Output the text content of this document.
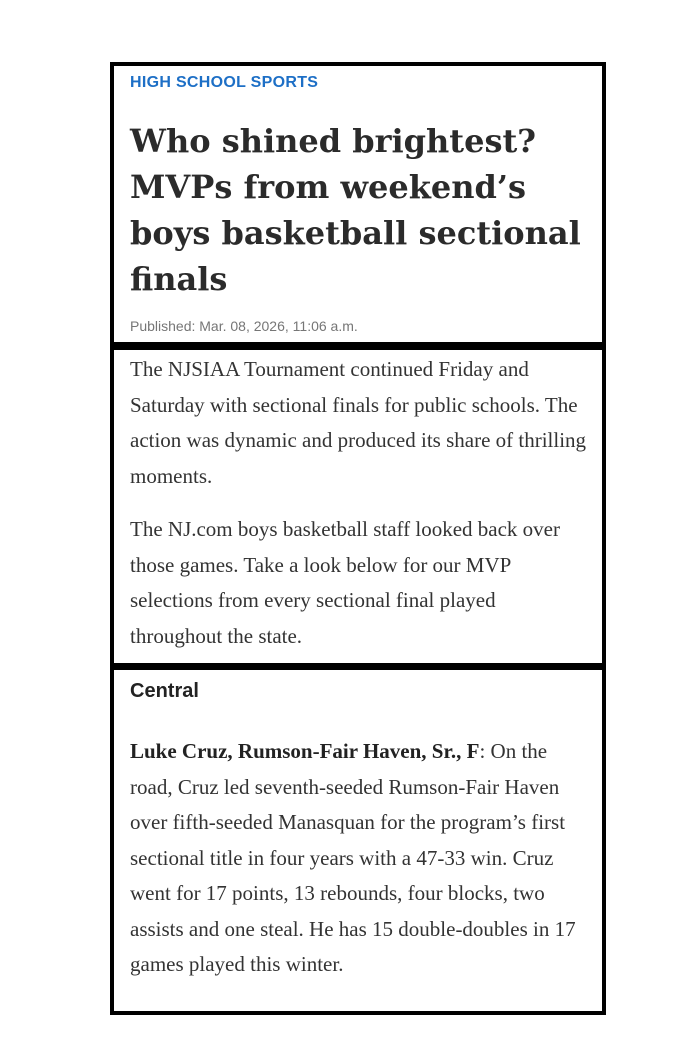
HIGH SCHOOL SPORTS
Who shined brightest? MVPs from weekend’s boys basketball sectional finals
Published: Mar. 08, 2026, 11:06 a.m.

The NJSIAA Tournament continued Friday and Saturday with sectional finals for public schools. The action was dynamic and produced its share of thrilling moments.

The NJ.com boys basketball staff looked back over those games. Take a look below for our MVP selections from every sectional final played throughout the state.

Central

Luke Cruz, Rumson-Fair Haven, Sr., F: On the road, Cruz led seventh-seeded Rumson-Fair Haven over fifth-seeded Manasquan for the program’s first sectional title in four years with a 47-33 win. Cruz went for 17 points, 13 rebounds, four blocks, two assists and one steal. He has 15 double-doubles in 17 games played this winter.
